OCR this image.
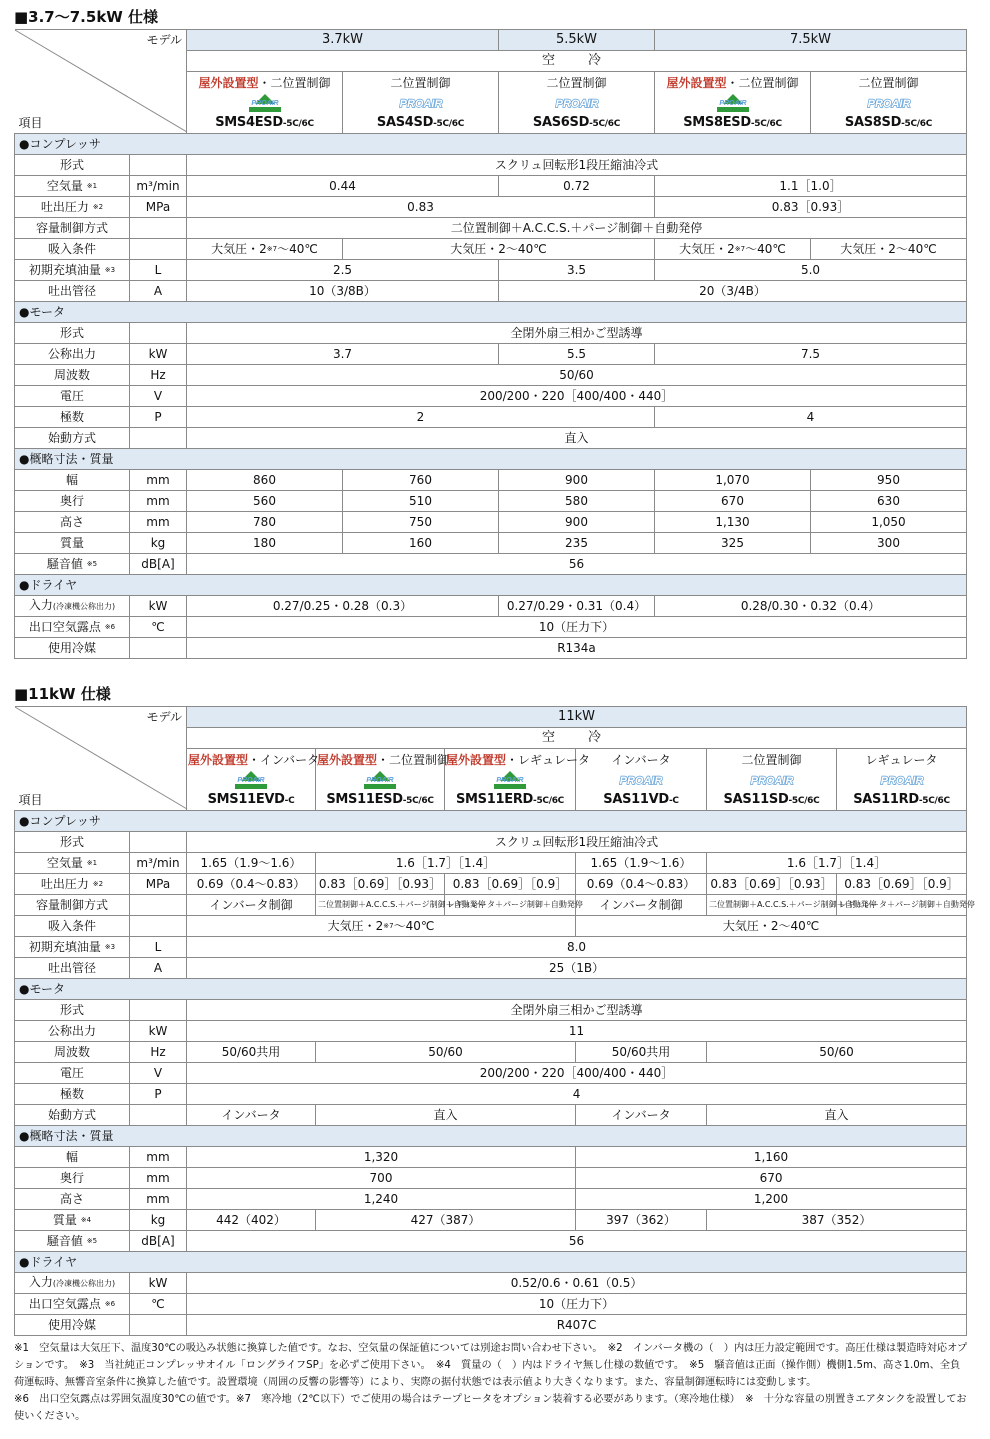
■3.7〜7.5kW 仕様
モデル
項目		3.7kW		5.5kW	7.5kW	
		空　冷				

		屋外設置型・二位置制御
PROAIR
SMS4ESD-5C/6C	二位置制御
PROAIR
SAS4SD-5C/6C	二位置制御
PROAIR
SAS6SD-5C/6C	屋外設置型・二位置制御
PROAIR
SMS8ESD-5C/6C	二位置制御
PROAIR
SAS8SD-5C/6C

●コンプレッサ						
形式		スクリュ回転形1段圧縮油冷式				
空気量 $^{※1}$	m³/min	0.44		0.72	1.1［1.0］	
吐出圧力 $^{※2}$	MPa	0.83			0.83［0.93］	
容量制御方式		二位置制御＋A.C.C.S.＋パージ制御＋自動発停				
吸入条件		大気圧・2$^{※7}$〜40℃	大気圧・2〜40℃		大気圧・2$^{※7}$〜40℃	大気圧・2〜40℃
初期充填油量 $^{※3}$	L	2.5		3.5	5.0	
吐出管径	A	10（3/8B）		20（3/4B）		
●モータ						
形式		全閉外扇三相かご型誘導				
公称出力	kW	3.7		5.5	7.5	
周波数	Hz	50/60				
電圧	V	200/200・220［400/400・440］				
極数	P	2			4	
始動方式		直入				
●概略寸法・質量						
幅	mm	860	760	900	1,070	950
奥行	mm	560	510	580	670	630
高さ	mm	780	750	900	1,130	1,050
質量	kg	180	160	235	325	300
騒音値 $^{※5}$	dB[A]	56				
●ドライヤ						
入力(冷凍機公称出力)	kW	0.27/0.25・0.28（0.3）		0.27/0.29・0.31（0.4）	0.28/0.30・0.32（0.4）	
出口空気露点 $^{※6}$	℃	10（圧力下）				
使用冷媒		R134a				
■11kW 仕様
モデル
項目		11kW					
		空　冷					

		屋外設置型・インバータ
PROAIR
SMS11EVD-C	屋外設置型・二位置制御
PROAIR
SMS11ESD-5C/6C	屋外設置型・レギュレータ
PROAIR
SMS11ERD-5C/6C	インバータ
PROAIR
SAS11VD-C	二位置制御
PROAIR
SAS11SD-5C/6C	レギュレータ
PROAIR
SAS11RD-5C/6C

●コンプレッサ							
形式		スクリュ回転形1段圧縮油冷式					
空気量 $^{※1}$	m³/min	1.65（1.9〜1.6）	1.6［1.7］［1.4］		1.65（1.9〜1.6）	1.6［1.7］［1.4］	
吐出圧力 $^{※2}$	MPa	0.69（0.4〜0.83）	0.83［0.69］［0.93］	0.83［0.69］［0.9］	0.69（0.4〜0.83）	0.83［0.69］［0.93］	0.83［0.69］［0.9］
容量制御方式		インバータ制御	二位置制御＋A.C.C.S.＋パージ制御＋自動発停	レギュレータ＋パージ制御＋自動発停	インバータ制御	二位置制御＋A.C.C.S.＋パージ制御＋自動発停	レギュレータ＋パージ制御＋自動発停
吸入条件		大気圧・2$^{※7}$〜40℃			大気圧・2〜40℃		
初期充填油量 $^{※3}$	L	8.0					
吐出管径	A	25（1B）					
●モータ							
形式		全閉外扇三相かご型誘導					
公称出力	kW	11					
周波数	Hz	50/60共用	50/60		50/60共用	50/60	
電圧	V	200/200・220［400/400・440］					
極数	P	4					
始動方式		インバータ	直入		インバータ	直入	
●概略寸法・質量							
幅	mm	1,320			1,160		
奥行	mm	700			670		
高さ	mm	1,240			1,200		
質量 $^{※4}$	kg	442（402）	427（387）		397（362）	387（352）	
騒音値 $^{※5}$	dB[A]	56					
●ドライヤ							
入力(冷凍機公称出力)	kW	0.52/0.6・0.61（0.5）					
出口空気露点 $^{※6}$	℃	10（圧力下）					
使用冷媒		R407C					

※1　空気量は大気圧下、温度30℃の吸込み状態に換算した値です。なお、空気量の保証値については別途お問い合わせ下さい。　※2　インバータ機の（　）内は圧力設定範囲です。高圧仕様は製造時対応オプションです。　※3　当社純正コンプレッサオイル「ロングライフSP」を必ずご使用下さい。　※4　質量の（　）内はドライヤ無し仕様の数値です。　※5　騒音値は正面（操作側）機側1.5m、高さ1.0m、全負荷運転時、無響音室条件に換算した値です。設置環境（周囲の反響の影響等）により、実際の据付状態では表示値より大きくなります。また、容量制御運転時には変動します。

※6　出口空気露点は雰囲気温度30℃の値です。※7　寒冷地（2℃以下）でご使用の場合はテープヒータをオプション装着する必要があります。（寒冷地仕様）　※　十分な容量の別置きエアタンクを設置してお使いください。
